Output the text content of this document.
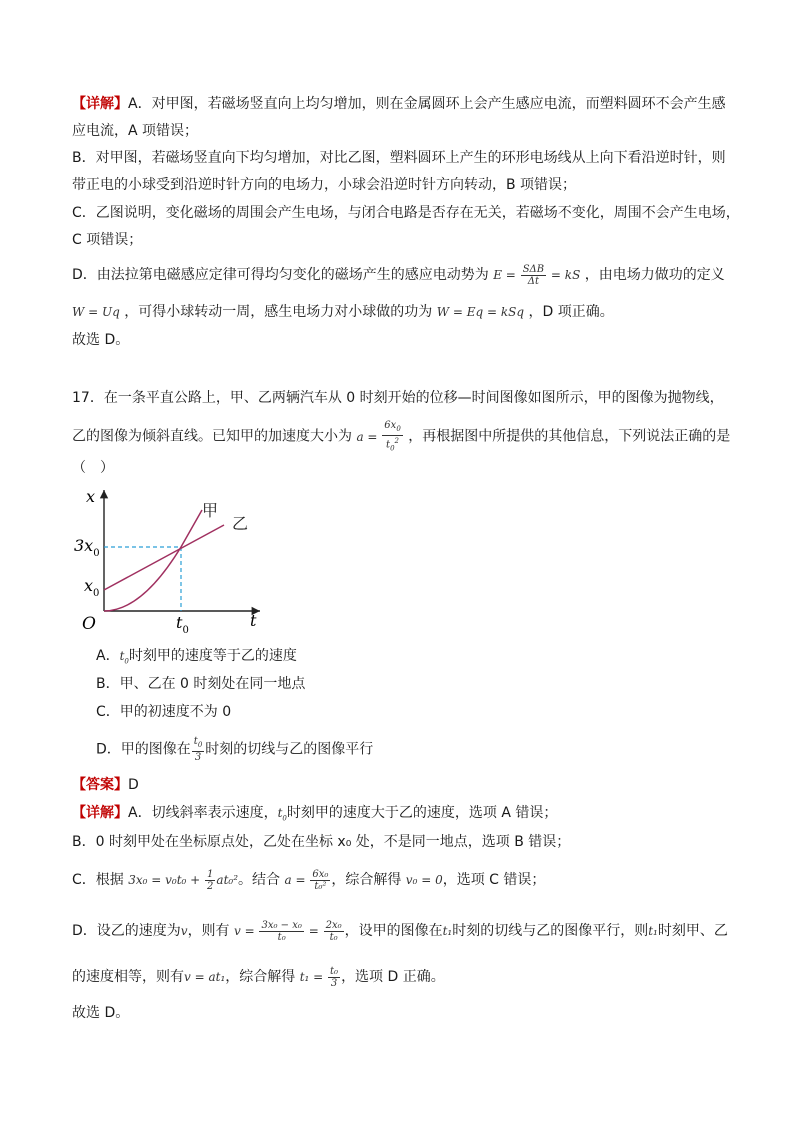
【详解】A．对甲图，若磁场竖直向上均匀增加，则在金属圆环上会产生感应电流，而塑料圆环不会产生感
应电流，A 项错误；
B．对甲图，若磁场竖直向下均匀增加，对比乙图，塑料圆环上产生的环形电场线从上向下看沿逆时针，则
带正电的小球受到沿逆时针方向的电场力，小球会沿逆时针方向转动，B 项错误；
C．乙图说明，变化磁场的周围会产生电场，与闭合电路是否存在无关，若磁场不变化，周围不会产生电场，
C 项错误；
D．由法拉第电磁感应定律可得均匀变化的磁场产生的感应电动势为 $E = \frac{\text{SΔB}}{\Delta t}$ = kS ，由电场力做功的定义
W = Uq ，可得小球转动一周，感生电场力对小球做的功为 W = Eq = kSq ，D 项正确。
故选 D。
17．在一条平直公路上，甲、乙两辆汽车从 0 时刻开始的位移—时间图像如图所示，甲的图像为抛物线，
乙的图像为倾斜直线。已知甲的加速度大小为 $a = \frac{6x_0}{t_0^2}$ ，再根据图中所提供的其他信息，下列说法正确的是
（　）
x
t
O
$3x_0$
$x_0$
$t_0$
甲
乙
A．$t_0$时刻甲的速度等于乙的速度
B．甲、乙在 0 时刻处在同一地点
C．甲的初速度不为 0
D．甲的图像在 $\frac{t_0}{3}$ 时刻的切线与乙的图像平行
【答案】D
【详解】A．切线斜率表示速度，$t_0$时刻甲的速度大于乙的速度，选项 A 错误；
B．0 时刻甲处在坐标原点处，乙处在坐标 x₀ 处，不是同一地点，选项 B 错误；
C．根据 $3x_0 = v_0t_0 + \frac{1}{2} at_0^2$。结合 $a = \frac{\text{6x₀}}{\text{t₀²}}$ ，综合解得 v₀ = 0，选项 C 错误；
D．设乙的速度为v，则有 $v = \frac{\text{3x₀ − x₀}}{\text{t₀}} = \frac{\text{2x₀}}{\text{t₀}}$ ，设甲的图像在t₁时刻的切线与乙的图像平行，则t₁时刻甲、乙
的速度相等，则有v = at₁，综合解得 $t_1 = \frac{\text{t₀}}{3}$ ，选项 D 正确。
故选 D。
